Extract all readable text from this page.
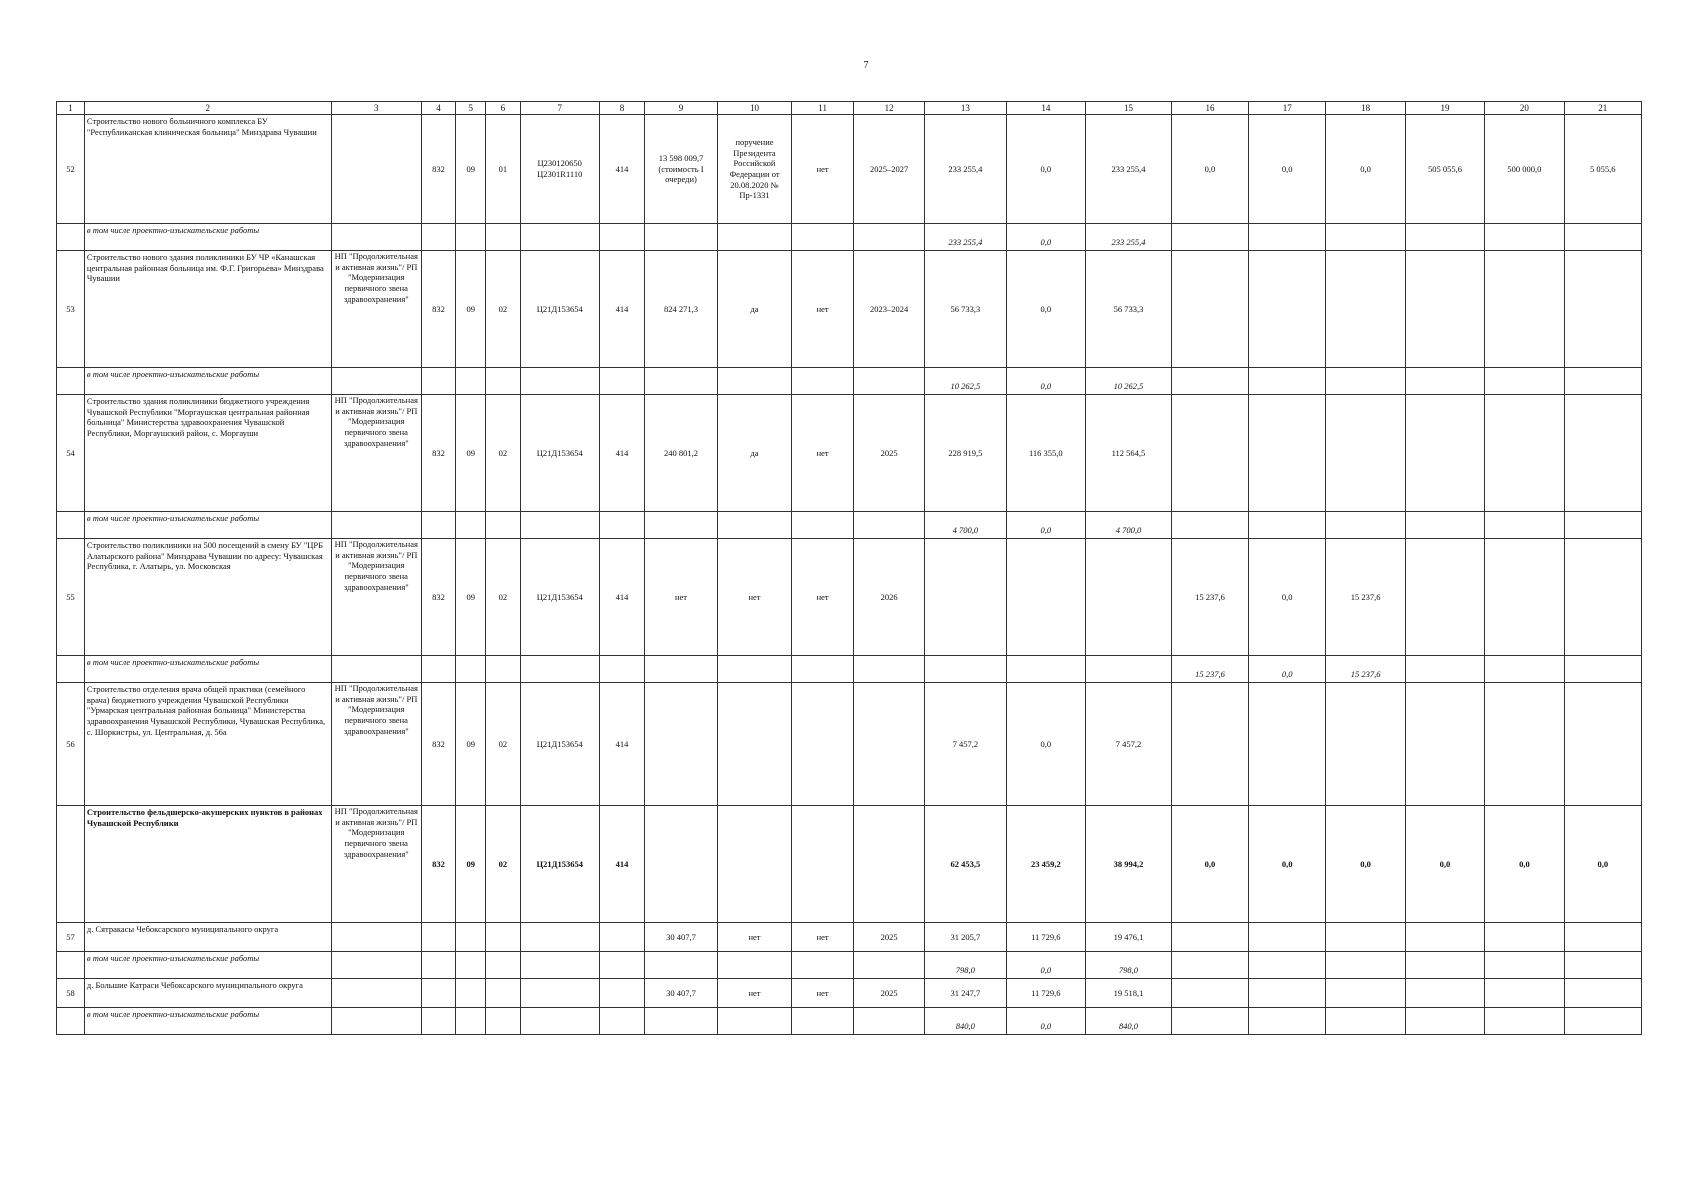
7
1	2	3	4	5	6	7	8	9	10	11	12	13	14	15	16	17	18	19	20	21
52	Строительство нового больничного комплекса БУ "Республиканская клиническая больница" Минздрава Чувашии		832	09	01	Ц230120650 Ц2301R1110	414	13 598 009,7 (стоимость I очереди)	поручение Президента Российской Федерации от 20.08.2020 № Пр-1331	нет	2025–2027	233 255,4	0,0	233 255,4	0,0	0,0	0,0	505 055,6	500 000,0	5 055,6
	в том числе проектно-изыскательские работы											233 255,4	0,0	233 255,4						
53	Строительство нового здания поликлиники БУ ЧР «Канашская центральная районная больница им. Ф.Г. Григорьева» Минздрава Чувашии	НП "Продолжительная и активная жизнь"/ РП "Модернизация первичного звена здравоохранения"	832	09	02	Ц21Д153654	414	824 271,3	да	нет	2023–2024	56 733,3	0,0	56 733,3						
	в том числе проектно-изыскательские работы											10 262,5	0,0	10 262,5						
54	Строительство здания поликлиники бюджетного учреждения Чувашской Республики "Моргаушская центральная районная больница" Министерства здравоохранения Чувашской Республики, Моргаушский район, с. Моргауши	НП "Продолжительная и активная жизнь"/ РП "Модернизация первичного звена здравоохранения"	832	09	02	Ц21Д153654	414	240 801,2	да	нет	2025	228 919,5	116 355,0	112 564,5						
	в том числе проектно-изыскательские работы											4 700,0	0,0	4 700,0						
55	Строительство поликлиники на 500 посещений в смену БУ "ЦРБ Алатырского района" Минздрава Чувашии по адресу: Чувашская Республика, г. Алатырь, ул. Московская	НП "Продолжительная и активная жизнь"/ РП "Модернизация первичного звена здравоохранения"	832	09	02	Ц21Д153654	414	нет	нет	нет	2026				15 237,6	0,0	15 237,6			
	в том числе проектно-изыскательские работы														15 237,6	0,0	15 237,6			
56	Строительство отделения врача общей практики (семейного врача) бюджетного учреждения Чувашской Республики "Урмарская центральная районная больница" Министерства здравоохранения Чувашской Республики, Чувашская Республика, с. Шоркистры, ул. Центральная, д. 56а	НП "Продолжительная и активная жизнь"/ РП "Модернизация первичного звена здравоохранения"	832	09	02	Ц21Д153654	414					7 457,2	0,0	7 457,2						
	Строительство фельдшерско-акушерских пунктов в районах Чувашской Республики	НП "Продолжительная и активная жизнь"/ РП "Модернизация первичного звена здравоохранения"	832	09	02	Ц21Д153654	414					62 453,5	23 459,2	38 994,2	0,0	0,0	0,0	0,0	0,0	0,0
57	д. Сятракасы Чебоксарского муниципального округа							30 407,7	нет	нет	2025	31 205,7	11 729,6	19 476,1						
	в том числе проектно-изыскательские работы											798,0	0,0	798,0						
58	д. Большие Катраси Чебоксарского муниципального округа							30 407,7	нет	нет	2025	31 247,7	11 729,6	19 518,1						
	в том числе проектно-изыскательские работы											840,0	0,0	840,0						
